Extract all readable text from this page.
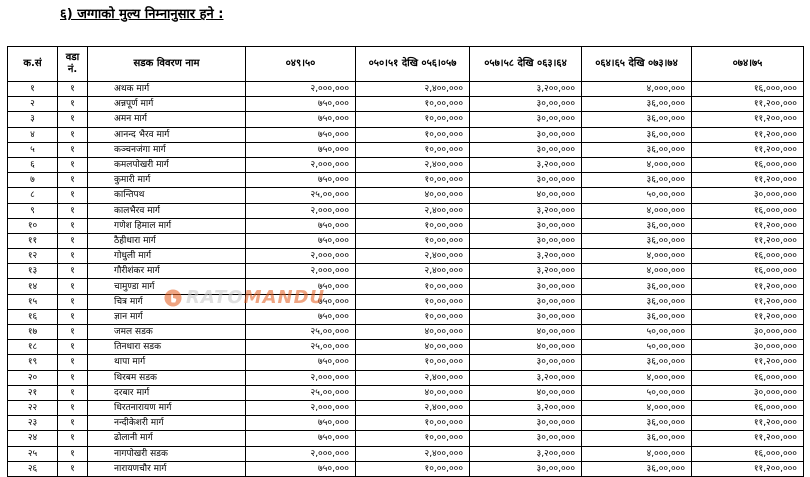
६) जग्गाको मुल्य निम्नानुसार हने :
क.सं	वडा नं.	सडक विवरण नाम	०४९।५०	०५०।५१ देखि ०५६।०५७	०५७।५८ देखि ०६३।६४	०६४।६५ देखि ०७३।७४	०७४।७५
१	१	अथक मार्ग	२,०००,०००	२,४००,०००	३,२००,०००	४,०००,०००	१६,०००,०००
२	१	अन्नपूर्ण मार्ग	७५०,०००	१०,००,०००	३०,००,०००	३६,००,०००	११,२००,०००
३	१	अमन मार्ग	७५०,०००	१०,००,०००	३०,००,०००	३६,००,०००	११,२००,०००
४	१	आनन्द भैरव मार्ग	७५०,०००	१०,००,०००	३०,००,०००	३६,००,०००	११,२००,०००
५	१	कञ्चनजंगा मार्ग	७५०,०००	१०,००,०००	३०,००,०००	३६,००,०००	११,२००,०००
६	१	कमलपोखरी मार्ग	२,०००,०००	२,४००,०००	३,२००,०००	४,०००,०००	१६,०००,०००
७	१	कुमारी मार्ग	७५०,०००	१०,००,०००	३०,००,०००	३६,००,०००	११,२००,०००
८	१	कान्तिपथ	२५,००,०००	४०,००,०००	४०,००,०००	५०,००,०००	३०,०००,०००
९	१	कालभैरव मार्ग	२,०००,०००	२,४००,०००	३,२००,०००	४,०००,०००	१६,०००,०००
१०	१	गणेश हिमाल मार्ग	७५०,०००	१०,००,०००	३०,००,०००	३६,००,०००	११,२००,०००
११	१	ठैहीधारा मार्ग	७५०,०००	१०,००,०००	३०,००,०००	३६,००,०००	११,२००,०००
१२	१	गोधुली मार्ग	२,०००,०००	२,४००,०००	३,२००,०००	४,०००,०००	१६,०००,०००
१३	१	गौरीशंकर मार्ग	२,०००,०००	२,४००,०००	३,२००,०००	४,०००,०००	१६,०००,०००
१४	१	चामुण्डा मार्ग	७५०,०००	१०,००,०००	३०,००,०००	३६,००,०००	११,२००,०००
१५	१	चित्र मार्ग	७५०,०००	१०,००,०००	३०,००,०००	३६,००,०००	११,२००,०००
१६	१	ज्ञान मार्ग	७५०,०००	१०,००,०००	३०,००,०००	३६,००,०००	११,२००,०००
१७	१	जमल सडक	२५,००,०००	४०,००,०००	४०,००,०००	५०,००,०००	३०,०००,०००
१८	१	तिनधारा सडक	२५,००,०००	४०,००,०००	४०,००,०००	५०,००,०००	३०,०००,०००
१९	१	थापा मार्ग	७५०,०००	१०,००,०००	३०,००,०००	३६,००,०००	११,२००,०००
२०	१	थिरबम सडक	२,०००,०००	२,४००,०००	३,२००,०००	४,०००,०००	१६,०००,०००
२१	१	दरबार मार्ग	२५,००,०००	४०,००,०००	४०,००,०००	५०,००,०००	३०,०००,०००
२२	१	धिरतनारायण मार्ग	२,०००,०००	२,४००,०००	३,२००,०००	४,०००,०००	१६,०००,०००
२३	१	नन्दीकेशरी मार्ग	७५०,०००	१०,००,०००	३०,००,०००	३६,००,०००	११,२००,०००
२४	१	ढोलानी मार्ग	७५०,०००	१०,००,०००	३०,००,०००	३६,००,०००	११,२००,०००
२५	१	नागपोखरी सडक	२,०००,०००	२,४००,०००	३,२००,०००	४,०००,०००	१६,०००,०००
२६	१	नारायणचौर मार्ग	७५०,०००	१०,००,०००	३०,००,०००	३६,००,०००	११,२००,०००
RATOMANDU
